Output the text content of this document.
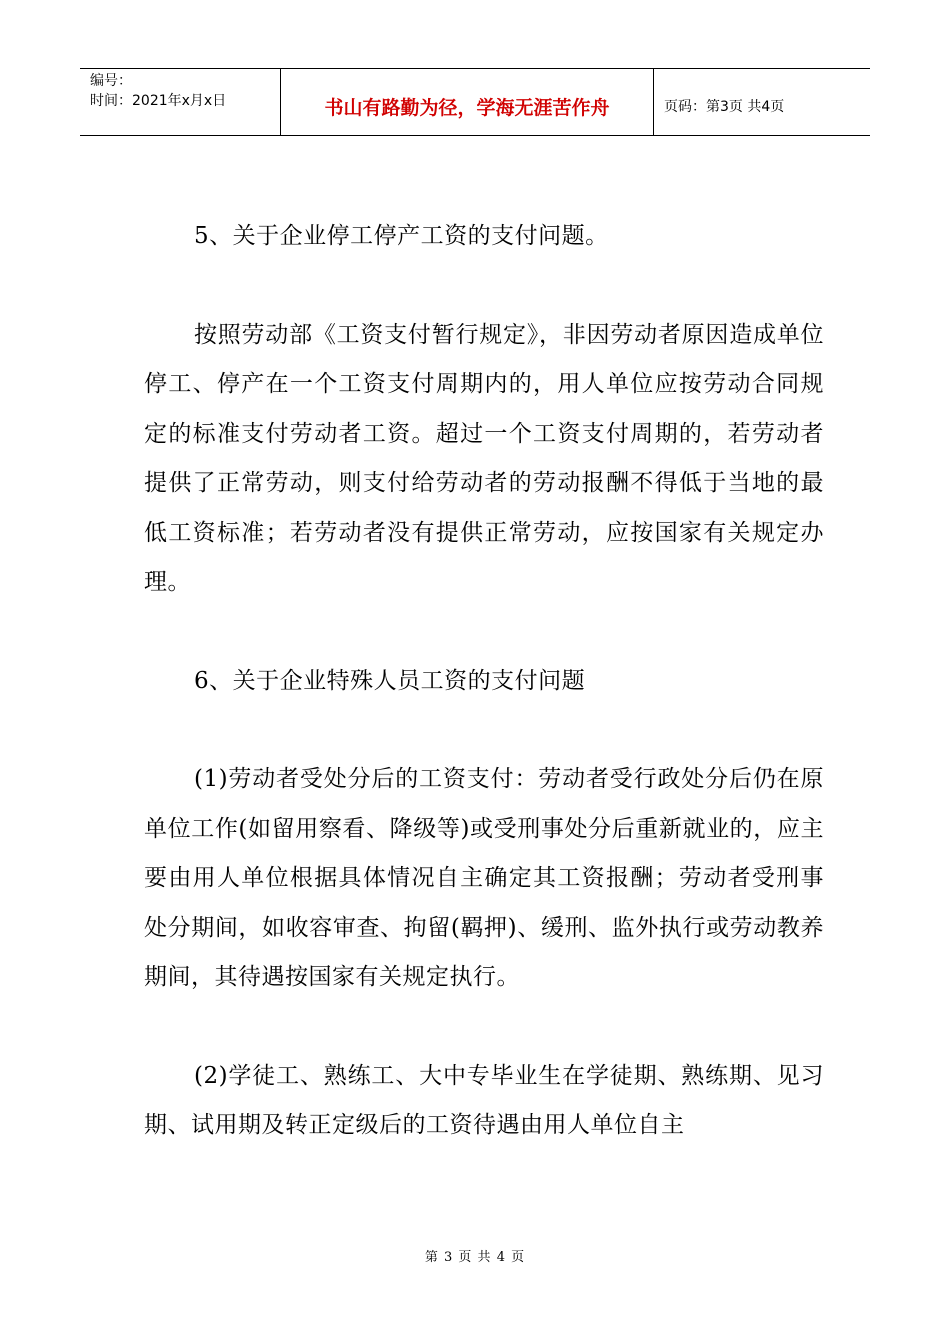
编号：
时间：2021年x月x日	书山有路勤为径，学海无涯苦作舟	页码：第3页 共4页

5、关于企业停工停产工资的支付问题。

按照劳动部《工资支付暂行规定》，非因劳动者原因造成单位停工、停产在一个工资支付周期内的，用人单位应按劳动合同规定的标准支付劳动者工资。超过一个工资支付周期的，若劳动者提供了正常劳动，则支付给劳动者的劳动报酬不得低于当地的最低工资标准；若劳动者没有提供正常劳动，应按国家有关规定办理。

6、关于企业特殊人员工资的支付问题

(1)劳动者受处分后的工资支付：劳动者受行政处分后仍在原单位工作(如留用察看、降级等)或受刑事处分后重新就业的，应主要由用人单位根据具体情况自主确定其工资报酬；劳动者受刑事处分期间，如收容审查、拘留(羁押)、缓刑、监外执行或劳动教养期间，其待遇按国家有关规定执行。

(2)学徒工、熟练工、大中专毕业生在学徒期、熟练期、见习期、试用期及转正定级后的工资待遇由用人单位自主

第 3 页 共 4 页
